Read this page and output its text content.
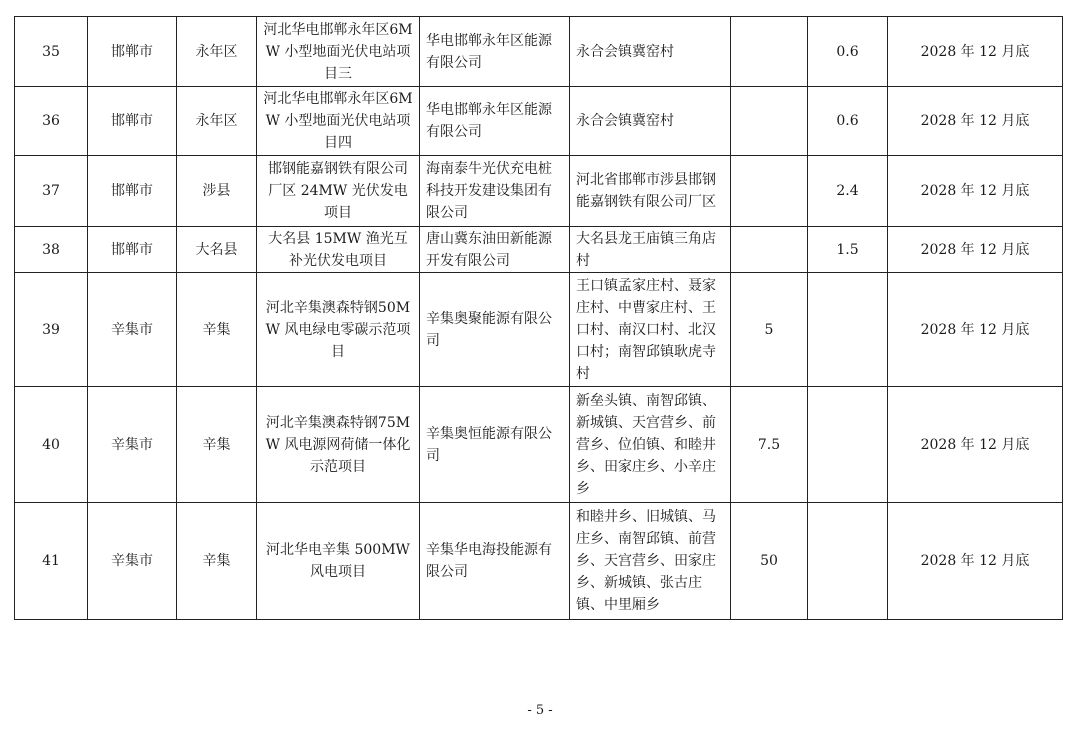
35	邯郸市	永年区	河北华电邯郸永年区6MW 小型地面光伏电站项目三	华电邯郸永年区能源有限公司	永合会镇冀窑村		0.6	2028 年 12 月底
36	邯郸市	永年区	河北华电邯郸永年区6MW 小型地面光伏电站项目四	华电邯郸永年区能源有限公司	永合会镇冀窑村		0.6	2028 年 12 月底
37	邯郸市	涉县	邯钢能嘉钢铁有限公司厂区 24MW 光伏发电项目	海南泰牛光伏充电桩科技开发建设集团有限公司	河北省邯郸市涉县邯钢能嘉钢铁有限公司厂区		2.4	2028 年 12 月底
38	邯郸市	大名县	大名县 15MW 渔光互补光伏发电项目	唐山冀东油田新能源开发有限公司	大名县龙王庙镇三角店村		1.5	2028 年 12 月底
39	辛集市	辛集	河北辛集澳森特钢50MW 风电绿电零碳示范项目	辛集奥聚能源有限公司	王口镇孟家庄村、聂家庄村、中曹家庄村、王口村、南汉口村、北汉口村；南智邱镇耿虎寺村	5		2028 年 12 月底
40	辛集市	辛集	河北辛集澳森特钢75MW 风电源网荷储一体化示范项目	辛集奥恒能源有限公司	新垒头镇、南智邱镇、新城镇、天宫营乡、前营乡、位伯镇、和睦井乡、田家庄乡、小辛庄乡	7.5		2028 年 12 月底
41	辛集市	辛集	河北华电辛集 500MW 风电项目	辛集华电海投能源有限公司	和睦井乡、旧城镇、马庄乡、南智邱镇、前营乡、天宫营乡、田家庄乡、新城镇、张古庄镇、中里厢乡	50		2028 年 12 月底
- 5 -
